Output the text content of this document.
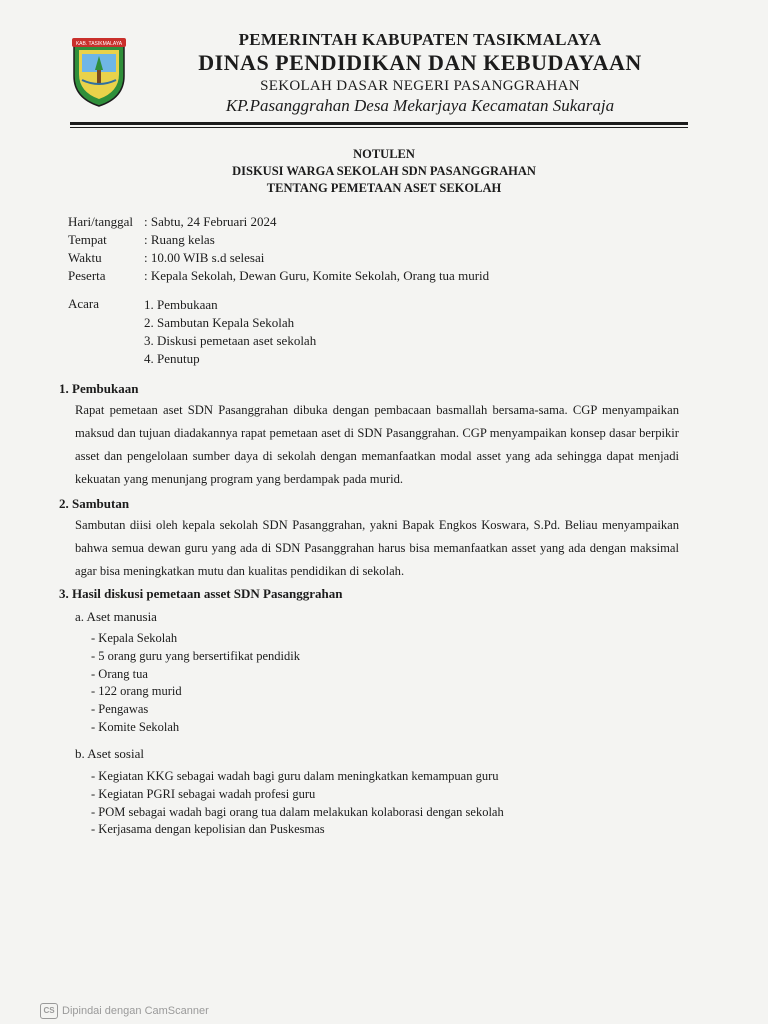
KAB. TASIKMALAYA	PEMERINTAH KABUPATEN TASIKMALAYA
DINAS PENDIDIKAN DAN KEBUDAYAAN
SEKOLAH DASAR NEGERI PASANGGRAHAN
KP.Pasanggrahan Desa Mekarjaya Kecamatan Sukaraja
NOTULEN
DISKUSI WARGA SEKOLAH SDN PASANGGRAHAN
TENTANG PEMETAAN ASET SEKOLAH
Hari/tanggal : Sabtu, 24 Februari 2024
Tempat	: Ruang kelas
Waktu	: 10.00 WIB s.d selesai
Peserta	: Kepala Sekolah, Dewan Guru, Komite Sekolah, Orang tua murid
Acara	1. Pembukaan
2. Sambutan Kepala Sekolah
3. Diskusi pemetaan aset sekolah
4. Penutup
1. Pembukaan
Rapat pemetaan aset SDN Pasanggrahan dibuka dengan pembacaan basmallah bersama-sama. CGP menyampaikan maksud dan tujuan diadakannya rapat pemetaan aset di SDN Pasanggrahan. CGP menyampaikan konsep dasar berpikir asset dan pengelolaan sumber daya di sekolah dengan memanfaatkan modal asset yang ada sehingga dapat menjadi kekuatan yang menunjang program yang berdampak pada murid.
2. Sambutan
Sambutan diisi oleh kepala sekolah SDN Pasanggrahan, yakni Bapak Engkos Koswara, S.Pd. Beliau menyampaikan bahwa semua dewan guru yang ada di SDN Pasanggrahan harus bisa memanfaatkan asset yang ada dengan maksimal agar bisa meningkatkan mutu dan kualitas pendidikan di sekolah.
3. Hasil diskusi pemetaan asset SDN Pasanggrahan
a. Aset manusia
- Kepala Sekolah
- 5 orang guru yang bersertifikat pendidik
- Orang tua
- 122 orang murid
- Pengawas
- Komite Sekolah
b. Aset sosial
- Kegiatan KKG sebagai wadah bagi guru dalam meningkatkan kemampuan guru
- Kegiatan PGRI sebagai wadah profesi guru
- POM sebagai wadah bagi orang tua dalam melakukan kolaborasi dengan sekolah
- Kerjasama dengan kepolisian dan Puskesmas
CS Dipindai dengan CamScanner
